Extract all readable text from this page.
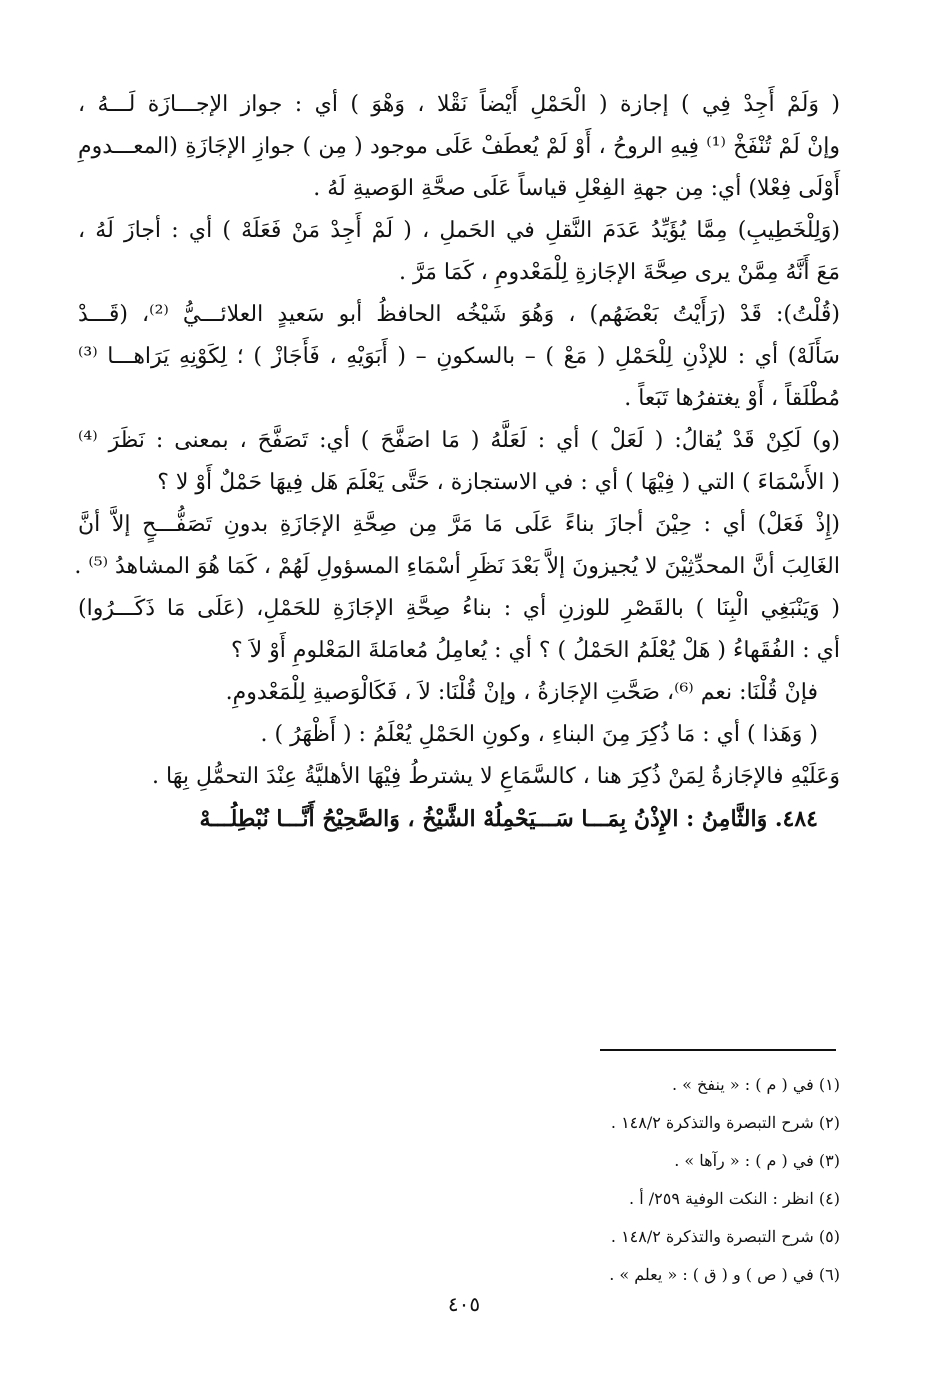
( وَلَمْ أَجِدْ فِي ) إجازة ( الْحَمْلِ أَيْضاً نَقْلا ، وَهْوَ ) أي : جواز الإجـــازَة لَـــهُ ،
وإنْ لَمْ تُنْفَخْ ⁽¹⁾ فِيهِ الروحُ ، أَوْ لَمْ يُعطَفْ عَلَى موجود ( مِن ) جوازِ الإجَازَةِ (المعـــدومِ
أَوْلَى فِعْلا) أي: مِن جهةِ الفِعْلِ قياساً عَلَى صحَّةِ الوَصيةِ لَهُ .
(وَلِلْخَطِيبِ) مِمَّا يُؤَيِّدُ عَدَمَ النَّقلِ في الحَملِ ، ( لَمْ أَجِدْ مَنْ فَعَلَهْ ) أي : أجازَ لَهُ ،
مَعَ أَنَّهُ مِمَّنْ يرى صِحَّةَ الإجَازةِ لِلْمَعْدومِ ، كَمَا مَرَّ .
(قُلْتُ): قَدْ (رَأَيْتُ بَعْضَهُم) ، وَهُوَ شَيْخُه الحافظُ أبو سَعيدٍ العلائـــيُّ ⁽²⁾، (قَـــدْ
سَأَلَهْ) أي : للإذْنِ لِلْحَمْلِ ( مَعْ ) – بالسكونِ – ( أَبَوَيْهِ ، فَأَجَازْ ) ؛ لِكَوْنِهِ يَرَاهـــا ⁽³⁾
مُطْلَقاً ، أَوْ يغتفرُها تَبَعاً .
(و) لَكِنْ قَدْ يُقالُ: ( لَعَلْ ) أي : لَعَلَّهُ ( مَا اصَفَّحَ ) أي: تَصَفَّحَ ، بمعنى : نَظَرَ ⁽⁴⁾
( الأَسْمَاءَ ) التي ( فِيْهَا ) أي : في الاستجازة ، حَتَّى يَعْلَمَ هَل فِيهَا حَمْلٌ أَوْ لا ؟
(إِذْ فَعَلْ) أي : حِيْنَ أجازَ بناءً عَلَى مَا مَرَّ مِن صِحَّةِ الإجَازَةِ بدونِ تَصَفُّـــحٍ إلاَّ أنَّ
الغَالِبَ أنَّ المحدِّثِيْنَ لا يُجيزونَ إلاَّ بَعْدَ نَظَرِ أسْمَاءِ المسؤولِ لَهُمْ ، كَمَا هُوَ المشاهدُ ⁽⁵⁾ .
( وَيَنْبَغِي الْبِنَا ) بالقَصْرِ للوزنِ أي : بناءُ صِحَّةِ الإجَازَةِ للحَمْلِ، (عَلَى مَا ذَكَـــرُوا)
أي : الفُقَهاءُ ( هَلْ يُعْلَمُ الحَمْلُ ) ؟ أي : يُعامِلُ مُعامَلةَ المَعْلومِ أَوْ لاَ ؟
فإنْ قُلْنَا: نعم ⁽⁶⁾، صَحَّتِ الإجَازةُ ، وإنْ قُلْنَا: لاَ ، فَكَالْوَصيةِ لِلْمَعْدومِ.
( وَهَذا ) أي : مَا ذُكِرَ مِنَ البناءِ ، وكونِ الحَمْلِ يُعْلَمُ : ( أَظْهَرُ ) .
وَعَلَيْهِ فالإجَازةُ لِمَنْ ذُكِرَ هنا ، كالسَّمَاعِ لا يشترطُ فِيْهَا الأهليَّةُ عِنْدَ التحمُّلِ بِهَا .
٤٨٤. وَالثَّامِنُ : الإِذْنُ بِمَـــا سَـــيَحْمِلُهْ الشَّيْخُ ، وَالصَّحِيْحُ أَنَّـــا نُبْطِلُـــهْ
(١) في ( م ) : « ينفخ » .
(٢) شرح التبصرة والتذكرة ١٤٨/٢ .
(٣) في ( م ) : « رآها » .
(٤) انظر : النكت الوفية ٢٥٩/ أ .
(٥) شرح التبصرة والتذكرة ١٤٨/٢ .
(٦) في ( ص ) و ( ق ) : « يعلم » .
٤٠٥
